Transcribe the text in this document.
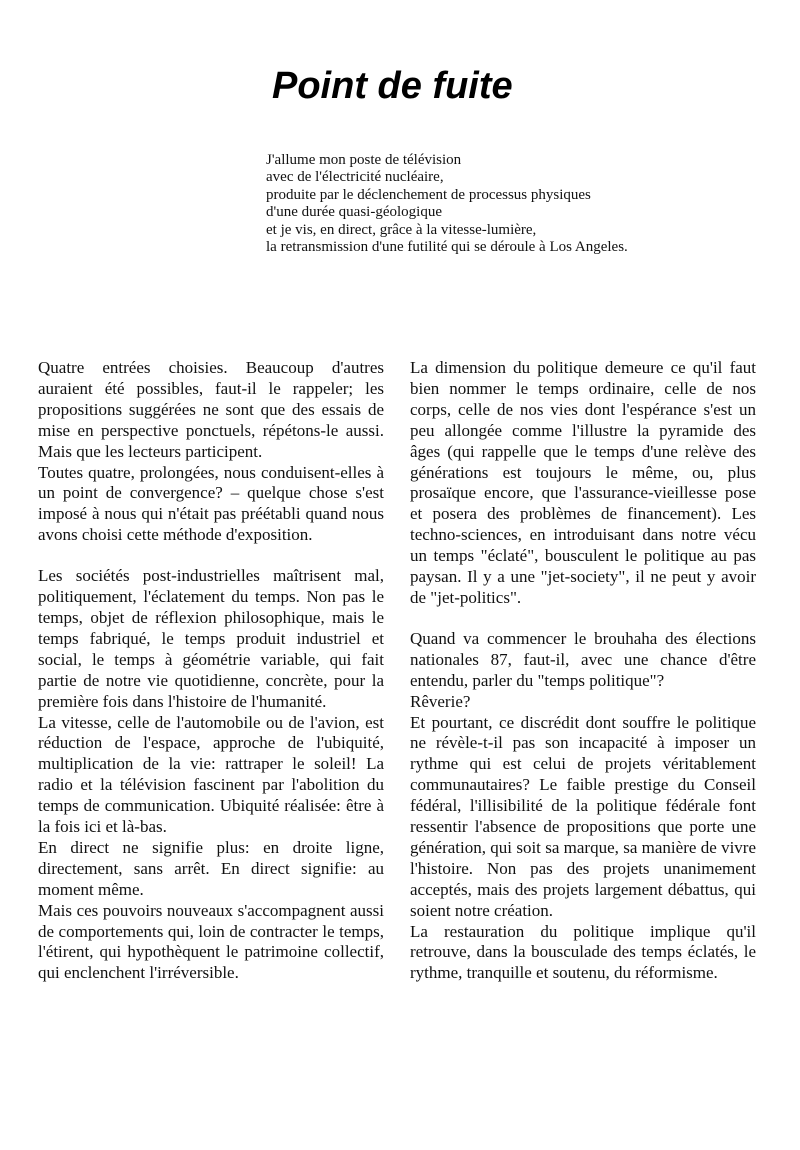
Point de fuite
J'allume mon poste de télévision
avec de l'électricité nucléaire,
produite par le déclenchement de processus physiques
d'une durée quasi-géologique
et je vis, en direct, grâce à la vitesse-lumière,
la retransmission d'une futilité qui se déroule à Los Angeles.

Quatre entrées choisies. Beaucoup d'autres auraient été possibles, faut-il le rappeler; les propositions suggérées ne sont que des essais de mise en perspective ponctuels, répétons-le aussi. Mais que les lecteurs participent.

Toutes quatre, prolongées, nous conduisent-elles à un point de convergence? – quelque chose s'est imposé à nous qui n'était pas préétabli quand nous avons choisi cette méthode d'exposition.

Les sociétés post-industrielles maîtrisent mal, politiquement, l'éclatement du temps. Non pas le temps, objet de réflexion philosophique, mais le temps fabriqué, le temps produit industriel et social, le temps à géométrie variable, qui fait partie de notre vie quotidienne, concrète, pour la première fois dans l'histoire de l'humanité.

La vitesse, celle de l'automobile ou de l'avion, est réduction de l'espace, approche de l'ubiquité, multiplication de la vie: rattraper le soleil! La radio et la télévision fascinent par l'abolition du temps de communication. Ubiquité réalisée: être à la fois ici et là-bas.

En direct ne signifie plus: en droite ligne, directement, sans arrêt. En direct signifie: au moment même.

Mais ces pouvoirs nouveaux s'accompagnent aussi de comportements qui, loin de contracter le temps, l'étirent, qui hypothèquent le patrimoine collectif, qui enclenchent l'irréversible.

La dimension du politique demeure ce qu'il faut bien nommer le temps ordinaire, celle de nos corps, celle de nos vies dont l'espérance s'est un peu allongée comme l'illustre la pyramide des âges (qui rappelle que le temps d'une relève des générations est toujours le même, ou, plus prosaïque encore, que l'assurance-vieillesse pose et posera des problèmes de financement). Les techno-sciences, en introduisant dans notre vécu un temps "éclaté", bousculent le politique au pas paysan. Il y a une "jet-society", il ne peut y avoir de "jet-politics".

Quand va commencer le brouhaha des élections nationales 87, faut-il, avec une chance d'être entendu, parler du "temps politique"?

Rêverie?

Et pourtant, ce discrédit dont souffre le politique ne révèle-t-il pas son incapacité à imposer un rythme qui est celui de projets véritablement communautaires? Le faible prestige du Conseil fédéral, l'illisibilité de la politique fédérale font ressentir l'absence de propositions que porte une génération, qui soit sa marque, sa manière de vivre l'histoire. Non pas des projets unanimement acceptés, mais des projets largement débattus, qui soient notre création.

La restauration du politique implique qu'il retrouve, dans la bousculade des temps éclatés, le rythme, tranquille et soutenu, du réformisme.
